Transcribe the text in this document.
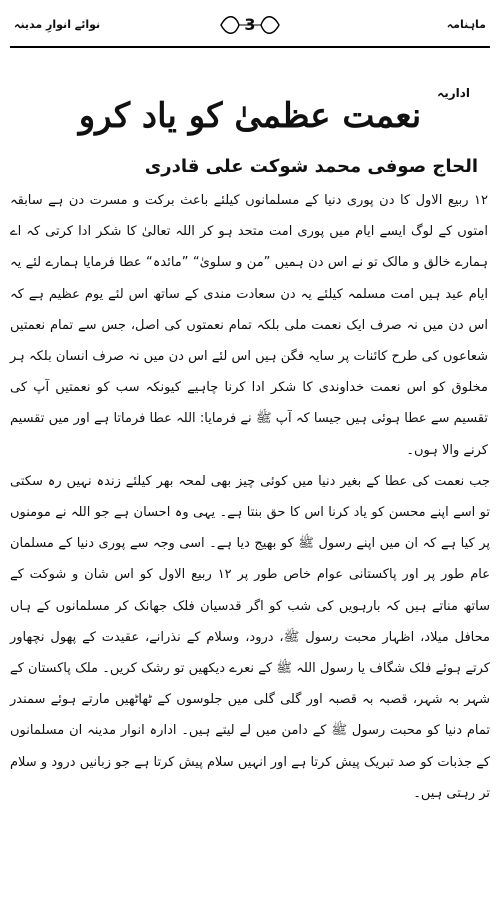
ماہنامہ
3
نوائے انوارِ مدینہ
اداریہ
نعمت عظمیٰ کو یاد کرو
الحاج صوفی محمد شوکت علی قادری

١٢ ربیع الاول کا دن پوری دنیا کے مسلمانوں کیلئے باعث برکت و مسرت دن ہے سابقہ امتوں کے لوگ ایسے ایام میں پوری امت متحد ہو کر اللہ تعالیٰ کا شکر ادا کرتی کہ اے ہمارے خالق و مالک تو نے اس دن ہمیں ”من و سلویٰ“ ”مائدہ“ عطا فرمایا ہمارے لئے یہ ایام عید ہیں امت مسلمہ کیلئے یہ دن سعادت مندی کے ساتھ اس لئے یوم عظیم ہے کہ اس دن میں نہ صرف ایک نعمت ملی بلکہ تمام نعمتوں کی اصل، جس سے تمام نعمتیں شعاعوں کی طرح کائنات پر سایہ فگن ہیں اس لئے اس دن میں نہ صرف انسان بلکہ ہر مخلوق کو اس نعمت خداوندی کا شکر ادا کرنا چاہیے کیونکہ سب کو نعمتیں آپ کی تقسیم سے عطا ہوئی ہیں جیسا کہ آپ ﷺ نے فرمایا: اللہ عطا فرماتا ہے اور میں تقسیم کرنے والا ہوں۔

جب نعمت کی عطا کے بغیر دنیا میں کوئی چیز بھی لمحہ بھر کیلئے زندہ نہیں رہ سکتی تو اسے اپنے محسن کو یاد کرنا اس کا حق بنتا ہے۔ یہی وہ احسان ہے جو اللہ نے مومنوں پر کیا ہے کہ ان میں اپنے رسول ﷺ کو بھیج دیا ہے۔ اسی وجہ سے پوری دنیا کے مسلمان عام طور پر اور پاکستانی عوام خاص طور پر ١٢ ربیع الاول کو اس شان و شوکت کے ساتھ مناتے ہیں کہ بارہویں کی شب کو اگر قدسیان فلک جھانک کر مسلمانوں کے ہاں محافل میلاد، اظہار محبت رسول ﷺ، درود، وسلام کے نذرانے، عقیدت کے پھول نچھاور کرتے ہوئے فلک شگاف یا رسول اللہ ﷺ کے نعرے دیکھیں تو رشک کریں۔ ملک پاکستان کے شہر بہ شہر، قصبہ بہ قصبہ اور گلی گلی میں جلوسوں کے ٹھاٹھیں مارتے ہوئے سمندر تمام دنیا کو محبت رسول ﷺ کے دامن میں لے لیتے ہیں۔ ادارہ انوار مدینہ ان مسلمانوں کے جذبات کو صد تبریک پیش کرتا ہے اور انہیں سلام پیش کرتا ہے جو زبانیں درود و سلام تر رہتی ہیں۔
